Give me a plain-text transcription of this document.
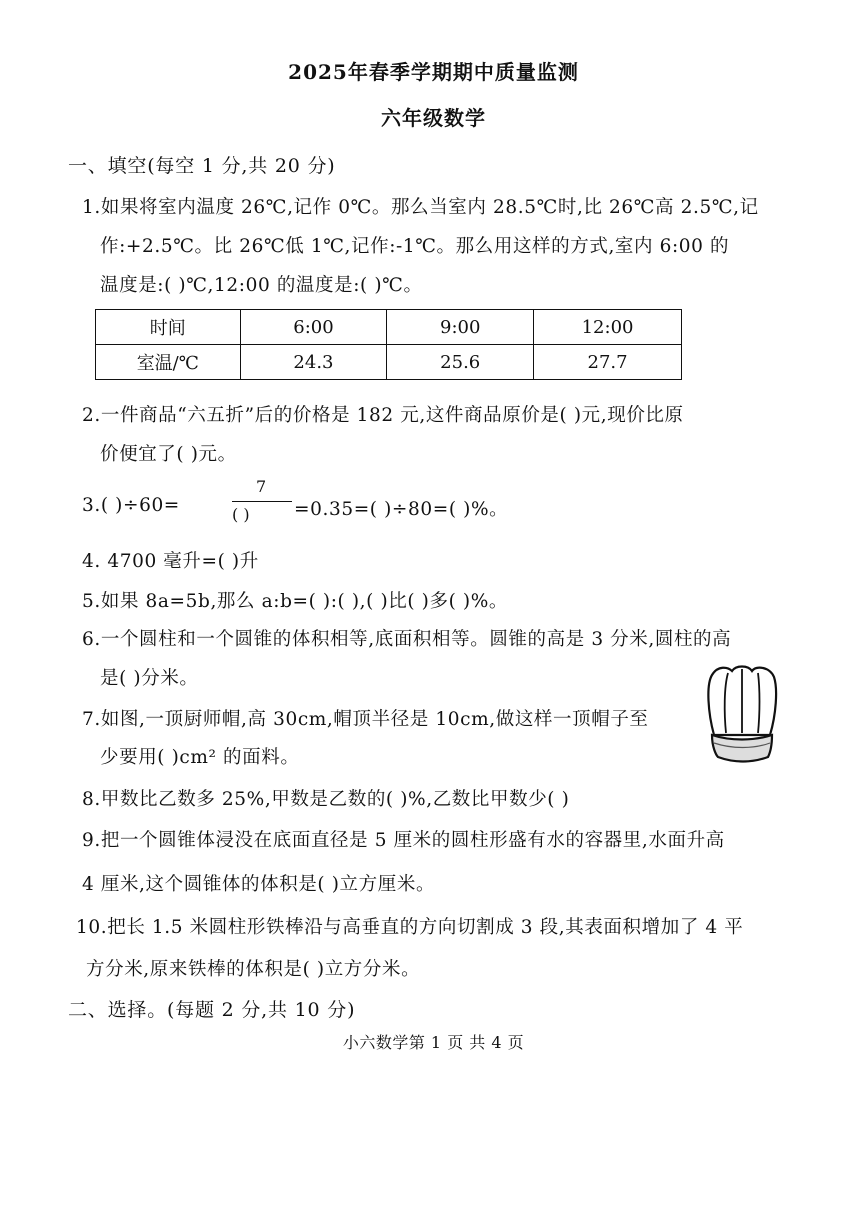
2025年春季学期期中质量监测
六年级数学
一、填空(每空 1 分,共 20 分)
1.如果将室内温度 26℃,记作 0℃。那么当室内 28.5℃时,比 26℃高 2.5℃,记
作:+2.5℃。比 26℃低 1℃,记作:-1℃。那么用这样的方式,室内 6:00 的
温度是:( )℃,12:00 的温度是:( )℃。
时间	6:00	9:00	12:00
室温/℃	24.3	25.6	27.7
2.一件商品“六五折”后的价格是 182 元,这件商品原价是( )元,现价比原
价便宜了( )元。
3.( )÷60=
7
( ) =0.35=( )÷80=( )%。
4. 4700 毫升=( )升
5.如果 8a=5b,那么 a:b=( ):( ),( )比( )多( )%。
6.一个圆柱和一个圆锥的体积相等,底面积相等。圆锥的高是 3 分米,圆柱的高
是( )分米。
7.如图,一顶厨师帽,高 30cm,帽顶半径是 10cm,做这样一顶帽子至
少要用( )cm² 的面料。
8.甲数比乙数多 25%,甲数是乙数的( )%,乙数比甲数少( )
9.把一个圆锥体浸没在底面直径是 5 厘米的圆柱形盛有水的容器里,水面升高
4 厘米,这个圆锥体的体积是( )立方厘米。
10.把长 1.5 米圆柱形铁棒沿与高垂直的方向切割成 3 段,其表面积增加了 4 平
方分米,原来铁棒的体积是( )立方分米。
二、选择。(每题 2 分,共 10 分)
小六数学第 1 页 共 4 页
